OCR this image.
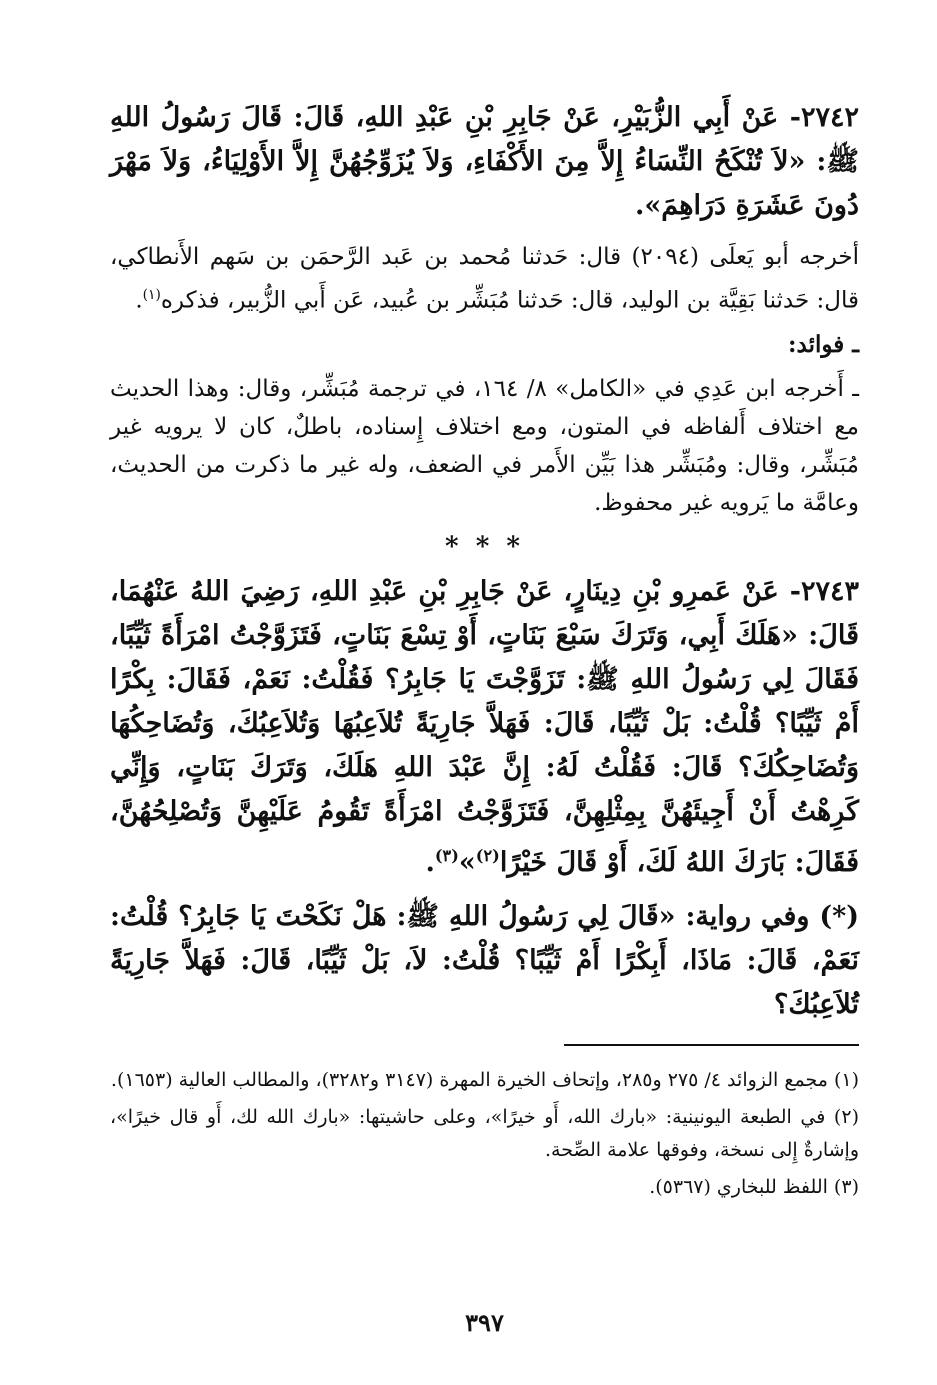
٢٧٤٢- عَنْ أَبِي الزُّبَيْرِ، عَنْ جَابِرِ بْنِ عَبْدِ اللهِ، قَالَ: قَالَ رَسُولُ اللهِ ﷺ: «لاَ تُنْكَحُ النِّسَاءُ إِلاَّ مِنَ الأَكْفَاءِ، وَلاَ يُزَوِّجُهُنَّ إِلاَّ الأَوْلِيَاءُ، وَلاَ مَهْرَ دُونَ عَشَرَةِ دَرَاهِمَ».

أخرجه أبو يَعلَى (٢٠٩٤) قال: حَدثنا مُحمد بن عَبد الرَّحمَن بن سَهم الأَنطاكي، قال: حَدثنا بَقِيَّة بن الوليد، قال: حَدثنا مُبَشِّر بن عُبيد، عَن أَبي الزُّبير، فذكره$^{(١)}$.

ـ فوائد:

ـ أَخرجه ابن عَدِي في «الكامل» ٨/ ١٦٤، في ترجمة مُبَشِّر، وقال: وهذا الحديث مع اختلاف أَلفاظه في المتون، ومع اختلاف إِسناده، باطلٌ، كان لا يرويه غير مُبَشِّر، وقال: ومُبَشِّر هذا بَيِّن الأَمر في الضعف، وله غير ما ذكرت من الحديث، وعامَّة ما يَرويه غير محفوظ.

* * *

٢٧٤٣- عَنْ عَمرِو بْنِ دِينَارٍ، عَنْ جَابِرِ بْنِ عَبْدِ اللهِ، رَضِيَ اللهُ عَنْهُمَا، قَالَ: «هَلَكَ أَبِي، وَتَرَكَ سَبْعَ بَنَاتٍ، أَوْ تِسْعَ بَنَاتٍ، فَتَزَوَّجْتُ امْرَأَةً ثَيِّبًا، فَقَالَ لِي رَسُولُ اللهِ ﷺ: تَزَوَّجْتَ يَا جَابِرُ؟ فَقُلْتُ: نَعَمْ، فَقَالَ: بِكْرًا أَمْ ثَيِّبًا؟ قُلْتُ: بَلْ ثَيِّبًا، قَالَ: فَهَلاَّ جَارِيَةً تُلاَعِبُهَا وَتُلاَعِبُكَ، وَتُضَاحِكُهَا وَتُضَاحِكُكَ؟ قَالَ: فَقُلْتُ لَهُ: إِنَّ عَبْدَ اللهِ هَلَكَ، وَتَرَكَ بَنَاتٍ، وَإِنِّي كَرِهْتُ أَنْ أَجِيئَهُنَّ بِمِثْلِهِنَّ، فَتَزَوَّجْتُ امْرَأَةً تَقُومُ عَلَيْهِنَّ وَتُصْلِحُهُنَّ، فَقَالَ: بَارَكَ اللهُ لَكَ، أَوْ قَالَ خَيْرًا$^{(٢)}$»$^{(٣)}$.

(*) وفي رواية: «قَالَ لِي رَسُولُ اللهِ ﷺ: هَلْ نَكَحْتَ يَا جَابِرُ؟ قُلْتُ: نَعَمْ، قَالَ: مَاذَا، أَبِكْرًا أَمْ ثَيِّبًا؟ قُلْتُ: لاَ، بَلْ ثَيِّبًا، قَالَ: فَهَلاَّ جَارِيَةً تُلاَعِبُكَ؟

(١) مجمع الزوائد ٤/ ٢٧٥ و٢٨٥، وإتحاف الخيرة المهرة (٣١٤٧ و٣٢٨٢)، والمطالب العالية (١٦٥٣).

(٢) في الطبعة اليونينية: «بارك الله، أَو خيرًا»، وعلى حاشيتها: «بارك الله لك، أَو قال خيرًا»، وإشارةٌ إِلى نسخة، وفوقها علامة الصِّحة.

(٣) اللفظ للبخاري (٥٣٦٧).

٣٩٧
